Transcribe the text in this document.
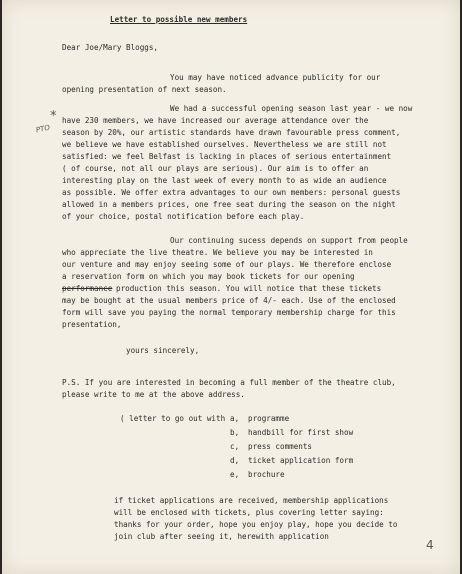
Letter to possible new members
Dear Joe/Mary Bloggs,
You may have noticed advance publicity for our
opening presentation of next season.
We had a successful opening season last year - we now
* have 230 members, we have increased our average attendance over the
PTO season by 20%, our artistic standards have drawn favourable press comment,
we believe we have established ourselves. Nevertheless we are still not
satisfied: we feel Belfast is lacking in places of serious entertainment
( of course, not all our plays are serious). Our aim is to offer an
interesting play on the last week of every month to as wide an audience
as possible. We offer extra advantages to our own members: personal guests
allowed in a members prices, one free seat during the season on the night
of your choice, postal notification before each play.
Our continuing sucess depends on support from people
who appreciate the live theatre. We believe you may be interested in
our venture and may enjoy seeing some of our plays. We therefore enclose
a reservation form on which you may book tickets for our opening
performance production this season. You will notice that these tickets
may be bought at the usual members price of 4/- each. Use of the enclosed
form will save you paying the normal temporary membership charge for this
presentation,
yours sincerely,
P.S. If you are interested in becoming a full member of the theatre club,
please write to me at the above address.
( letter to go out with a, programme
b, handbill for first show
c, press comments
d, ticket application form
e, brochure
if ticket applications are received, membership applications
will be enclosed with tickets, plus covering letter saying:
thanks for your order, hope you enjoy play, hope you decide to
join club after seeing it, herewith application
4
